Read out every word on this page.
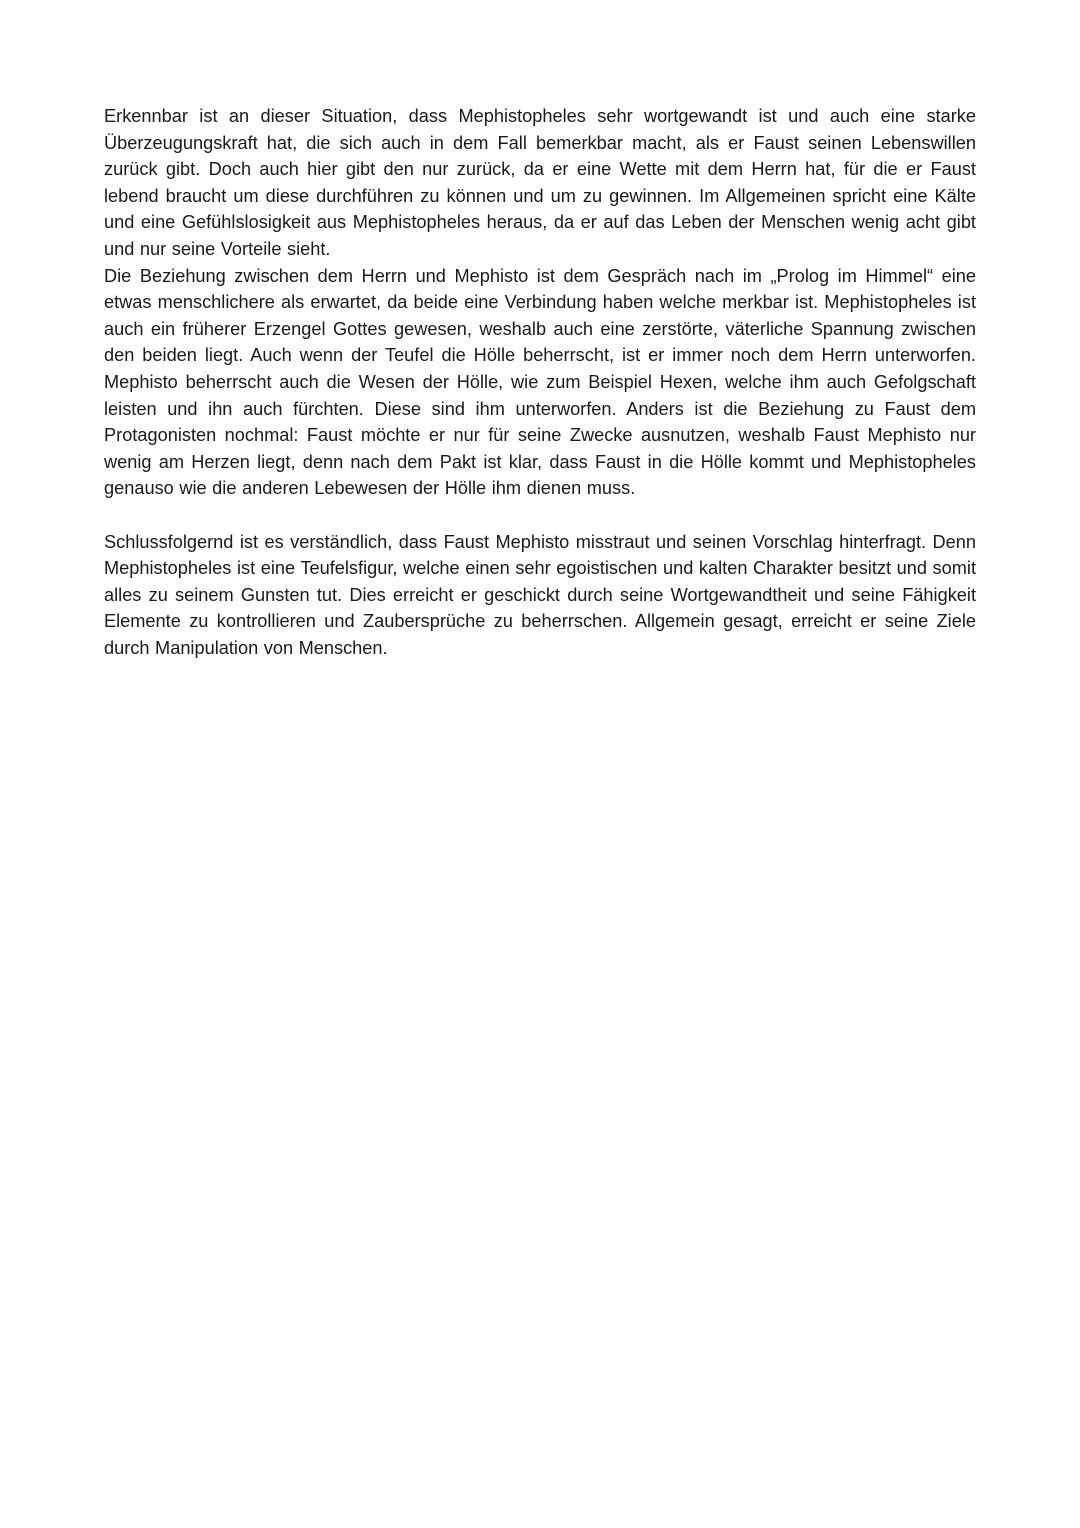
Erkennbar ist an dieser Situation, dass Mephistopheles sehr wortgewandt ist und auch eine starke Überzeugungskraft hat, die sich auch in dem Fall bemerkbar macht, als er Faust seinen Lebenswillen zurück gibt. Doch auch hier gibt den nur zurück, da er eine Wette mit dem Herrn hat, für die er Faust lebend braucht um diese durchführen zu können und um zu gewinnen. Im Allgemeinen spricht eine Kälte und eine Gefühlslosigkeit aus Mephistopheles heraus, da er auf das Leben der Menschen wenig acht gibt und nur seine Vorteile sieht.

Die Beziehung zwischen dem Herrn und Mephisto ist dem Gespräch nach im „Prolog im Himmel“ eine etwas menschlichere als erwartet, da beide eine Verbindung haben welche merkbar ist. Mephistopheles ist auch ein früherer Erzengel Gottes gewesen, weshalb auch eine zerstörte, väterliche Spannung zwischen den beiden liegt. Auch wenn der Teufel die Hölle beherrscht, ist er immer noch dem Herrn unterworfen. Mephisto beherrscht auch die Wesen der Hölle, wie zum Beispiel Hexen, welche ihm auch Gefolgschaft leisten und ihn auch fürchten. Diese sind ihm unterworfen. Anders ist die Beziehung zu Faust dem Protagonisten nochmal: Faust möchte er nur für seine Zwecke ausnutzen, weshalb Faust Mephisto nur wenig am Herzen liegt, denn nach dem Pakt ist klar, dass Faust in die Hölle kommt und Mephistopheles genauso wie die anderen Lebewesen der Hölle ihm dienen muss.

Schlussfolgernd ist es verständlich, dass Faust Mephisto misstraut und seinen Vorschlag hinterfragt. Denn Mephistopheles ist eine Teufelsfigur, welche einen sehr egoistischen und kalten Charakter besitzt und somit alles zu seinem Gunsten tut. Dies erreicht er geschickt durch seine Wortgewandtheit und seine Fähigkeit Elemente zu kontrollieren und Zaubersprüche zu beherrschen. Allgemein gesagt, erreicht er seine Ziele durch Manipulation von Menschen.
